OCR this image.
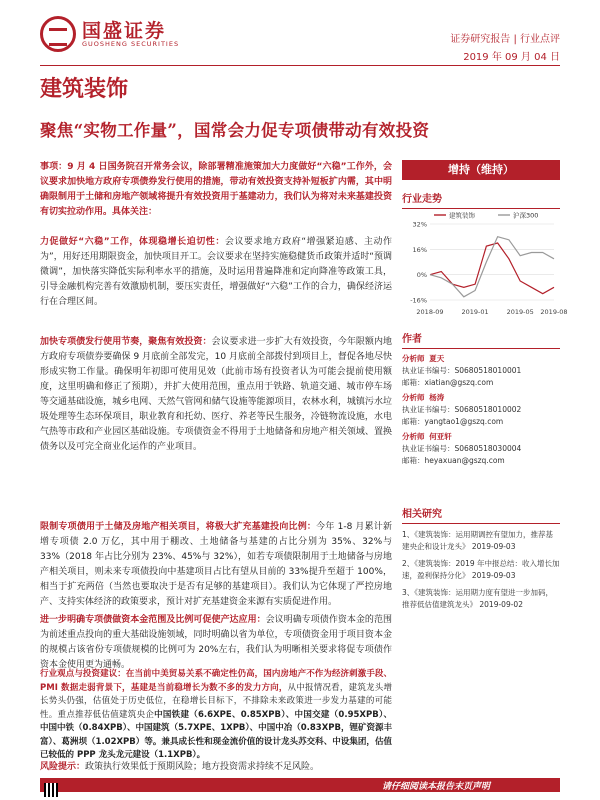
国盛证券
GUOSHENG SECURITIES	证券研究报告 | 行业点评
2019 年 09 月 04 日
建筑装饰
聚焦“实物工作量”，国常会力促专项债带动有效投资
事项：9 月 4 日国务院召开常务会议，除部署精准施策加大力度做好“六稳”工作外，会议要求加快地方政府专项债券发行使用的措施，带动有效投资支持补短板扩内需，其中明确限制用于土储和房地产领域将提升有效投资用于基建动力，我们认为将对未来基建投资有切实拉动作用。具体关注：
力促做好“六稳”工作，体现稳增长迫切性：会议要求地方政府“增强紧迫感、主动作为”，用好还用期限资金，加快项目开工。会议要求在坚持实施稳健货币政策并适时“预调微调”，加快落实降低实际利率水平的措施，及时运用普遍降准和定向降准等政策工具，引导金融机构完善有效激励机制，要压实责任，增强做好“六稳”工作的合力，确保经济运行在合理区间。
加快专项债发行使用节奏，聚焦有效投资：会议要求进一步扩大有效投资，今年限额内地方政府专项债券要确保 9 月底前全部发完，10 月底前全部拨付到项目上，督促各地尽快形成实物工作量。确保明年初即可使用见效（此前市场有投资者认为可能会提前使用额度，这里明确和修正了预期），并扩大使用范围，重点用于铁路、轨道交通、城市停车场等交通基础设施，城乡电网、天然气管网和储气设施等能源项目，农林水利，城镇污水垃圾处理等生态环保项目，职业教育和托幼、医疗、养老等民生服务，冷链物流设施，水电气热等市政和产业园区基础设施。专项债资金不得用于土地储备和房地产相关领域、置换债务以及可完全商业化运作的产业项目。
限制专项债用于土储及房地产相关项目，将极大扩充基建投向比例：今年 1-8 月累计新增专项债 2.0 万亿，其中用于棚改、土地储备与基建的占比分别为 35%、32%与 33%（2018 年占比分别为 23%、45%与 32%），如若专项债限制用于土地储备与房地产相关项目，则未来专项债投向中基建项目占比有望从目前的 33%提升至超于 100%，相当于扩充两倍（当然也要取决于是否有足够的基建项目）。我们认为它体现了严控房地产、支持实体经济的政策要求，预计对扩充基建资金来源有实质促进作用。
进一步明确专项债做资本金范围及比例可促使产达应用：会议明确专项债作资本金的范围为前述重点投向的重大基础设施领域，同时明确以省为单位，专项债资金用于项目资本金的规模占该省份专项债规模的比例可为 20%左右，我们认为明晰相关要求将促专项债作资本金使用更为通畅。
行业观点与投资建议：在当前中美贸易关系不确定性仍高，国内房地产不作为经济刺激手段、PMI 数据走弱背景下，基建是当前稳增长为数不多的发力方向，从中报情况看，建筑龙头增长势头仍强，估值处于历史低位，在稳增长目标下，不排除未来政策进一步发力基建的可能性。重点推荐低估值建筑央企中国铁建（6.6XPE、0.85XPB）、中国交建（0.95XPB）、中国中铁（0.84XPB）、中国建筑（5.7XPE、1XPB）、中国中冶（0.83XPB，锂矿资源丰富）、葛洲坝（1.02XPB）等。兼具成长性和现金流价值的设计龙头苏交科、中设集团，估值已较低的 PPP 龙头龙元建设（1.1XPB）。
风险提示：政策执行效果低于预期风险；地方投资需求持续不足风险。
增持（维持）
行业走势
32%
16%
0%
-16%
2018-09	2019-01	2019-05 2019-08
建筑装饰	沪深300
作者
分析师 夏天
执业证书编号：S0680518010001
邮箱：xiatian@gszq.com
分析师 杨涛
执业证书编号：S0680518010002
邮箱：yangtao1@gszq.com
分析师 何亚轩
执业证书编号：S0680518030004
邮箱：heyaxuan@gszq.com
相关研究
1、《建筑装饰：运用期调控有望加力，推荐基建央企和设计龙头》 2019-09-03
2、《建筑装饰：2019 年中报总结：收入增长加速，盈利保持分化》 2019-09-03
3、《建筑装饰：运用期力度有望进一步加码，推荐低估值建筑龙头》 2019-09-02
请仔细阅读本报告末页声明
